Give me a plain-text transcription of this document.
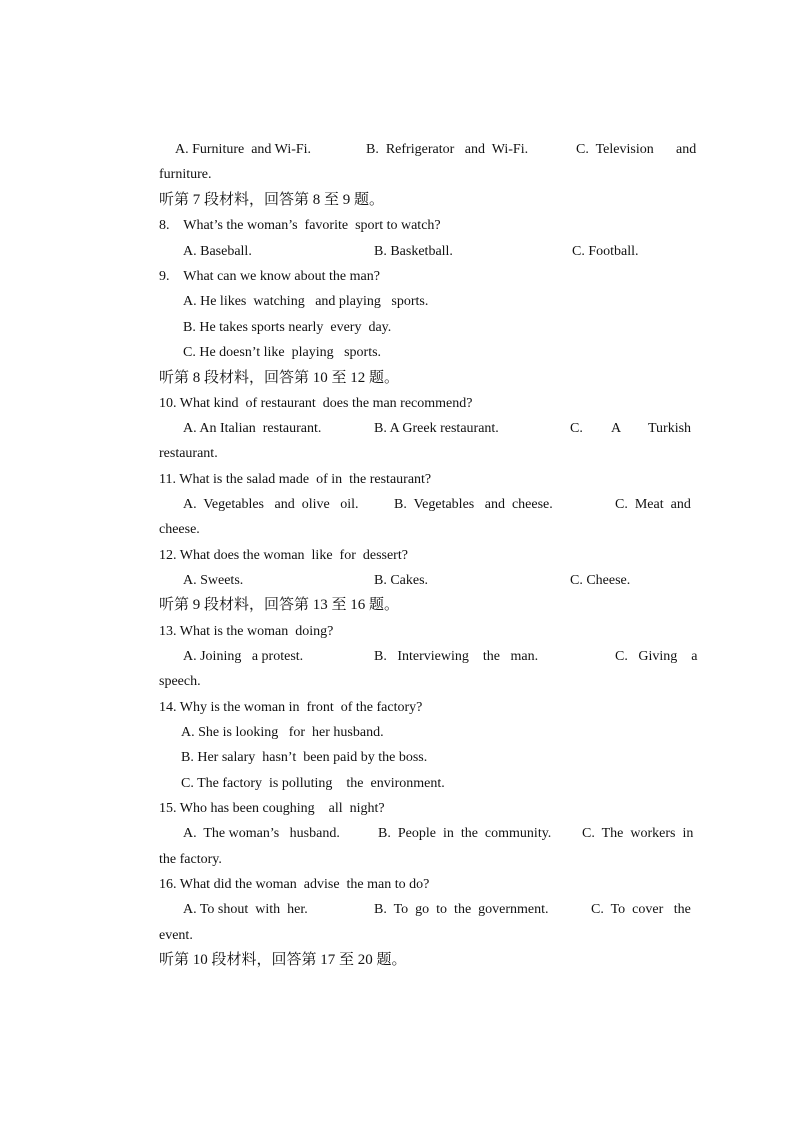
A. Furniture  and Wi-Fi.	B.  Refrigerator   and  Wi-Fi.	C.  Television and
furniture.
听第 7 段材料，回答第 8 至 9 题。
8.    What’s the woman’s  favorite  sport to watch?
A. Baseball.	B. Basketball.	C. Football.
9.    What can we know about the man?
A. He likes  watching   and playing   sports.
B. He takes sports nearly  every  day.
C. He doesn’t like  playing   sports.
听第 8 段材料，回答第 10 至 12 题。
10. What kind  of restaurant  does the man recommend?
A. An Italian  restaurant.	B. A Greek restaurant.	C. A Turkish
restaurant.
11. What is the salad made  of in  the restaurant?
A.  Vegetables   and  olive   oil.	B.  Vegetables   and  cheese.	C.  Meat  and
cheese.
12. What does the woman  like  for  dessert?
A. Sweets.	B. Cakes.	C. Cheese.
听第 9 段材料，回答第 13 至 16 题。
13. What is the woman  doing?
A. Joining   a protest.	B.   Interviewing    the   man.	C.   Giving    a
speech.
14. Why is the woman in  front  of the factory?
A. She is looking   for  her husband.
B. Her salary  hasn’t  been paid by the boss.
C. The factory  is polluting    the  environment.
15. Who has been coughing    all  night?
A.  The woman’s   husband.	B.  People  in  the  community. C.  The  workers  in
the factory.
16. What did the woman  advise  the man to do?
A. To shout  with  her.	B.  To  go  to  the  government.	C.  To  cover   the
event.
听第 10 段材料，回答第 17 至 20 题。
